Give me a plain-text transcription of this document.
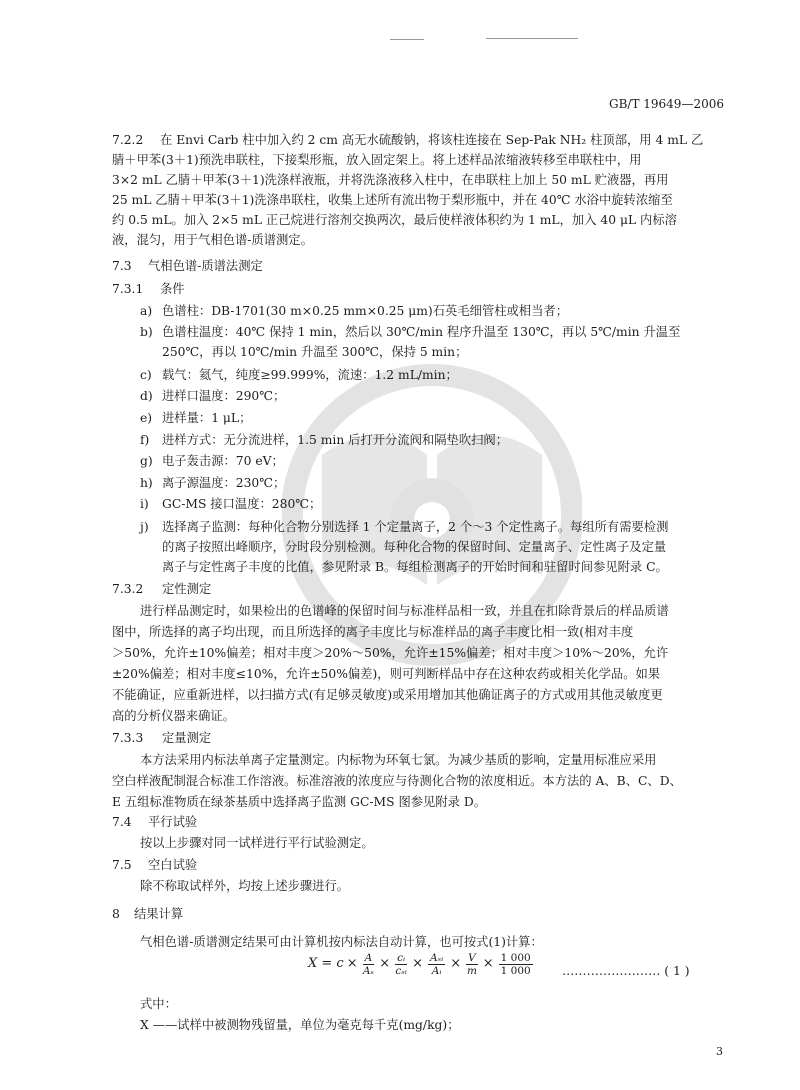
GB/T 19649—2006
7.2.2 在 Envi Carb 柱中加入约 2 cm 高无水硫酸钠，将该柱连接在 Sep-Pak NH₂ 柱顶部，用 4 mL 乙
腈＋甲苯(3＋1)预洗串联柱，下接梨形瓶，放入固定架上。将上述样品浓缩液转移至串联柱中，用
3×2 mL 乙腈＋甲苯(3＋1)洗涤样液瓶，并将洗涤液移入柱中，在串联柱上加上 50 mL 贮液器，再用
25 mL 乙腈＋甲苯(3＋1)洗涤串联柱，收集上述所有流出物于梨形瓶中，并在 40℃ 水浴中旋转浓缩至
约 0.5 mL。加入 2×5 mL 正己烷进行溶剂交换两次，最后使样液体积约为 1 mL，加入 40 μL 内标溶
液，混匀，用于气相色谱-质谱测定。
7.3 气相色谱-质谱法测定
7.3.1 条件
a) 色谱柱：DB-1701(30 m×0.25 mm×0.25 μm)石英毛细管柱或相当者；
b) 色谱柱温度：40℃ 保持 1 min，然后以 30℃/min 程序升温至 130℃，再以 5℃/min 升温至
250℃，再以 10℃/min 升温至 300℃，保持 5 min；
c) 载气：氦气，纯度≥99.999%，流速：1.2 mL/min；
d) 进样口温度：290℃；
e) 进样量：1 μL；
f) 进样方式：无分流进样，1.5 min 后打开分流阀和隔垫吹扫阀；
g) 电子轰击源：70 eV；
h) 离子源温度：230℃；
i) GC-MS 接口温度：280℃；
j) 选择离子监测：每种化合物分别选择 1 个定量离子，2 个～3 个定性离子。每组所有需要检测
的离子按照出峰顺序，分时段分别检测。每种化合物的保留时间、定量离子、定性离子及定量
离子与定性离子丰度的比值，参见附录 B。每组检测离子的开始时间和驻留时间参见附录 C。
7.3.2 定性测定
进行样品测定时，如果检出的色谱峰的保留时间与标准样品相一致，并且在扣除背景后的样品质谱
图中，所选择的离子均出现，而且所选择的离子丰度比与标准样品的离子丰度比相一致(相对丰度
＞50%，允许±10%偏差；相对丰度＞20%～50%，允许±15%偏差；相对丰度＞10%～20%，允许
±20%偏差；相对丰度≤10%，允许±50%偏差)，则可判断样品中存在这种农药或相关化学品。如果
不能确证，应重新进样，以扫描方式(有足够灵敏度)或采用增加其他确证离子的方式或用其他灵敏度更
高的分析仪器来确证。
7.3.3 定量测定
本方法采用内标法单离子定量测定。内标物为环氧七氯。为减少基质的影响，定量用标准应采用
空白样液配制混合标准工作溶液。标准溶液的浓度应与待测化合物的浓度相近。本方法的 A、B、C、D、
E 五组标准物质在绿茶基质中选择离子监测 GC-MS 图参见附录 D。
7.4 平行试验
按以上步骤对同一试样进行平行试验测定。
7.5 空白试验
除不称取试样外，均按上述步骤进行。
8 结果计算
气相色谱-质谱测定结果可由计算机按内标法自动计算，也可按式(1)计算：
$X = c \times \frac{A}{\text{Aₛ}} \times \frac{\text{cᵢ}}{\text{cₛᵢ}} \times \frac{\text{Aₛᵢ}}{\text{Aᵢ}} \times \frac{V}{m} \times \frac{1 000}{1 000}$ …………………… ( 1 )
式中：
X ——试样中被测物残留量，单位为毫克每千克(mg/kg)；
3
